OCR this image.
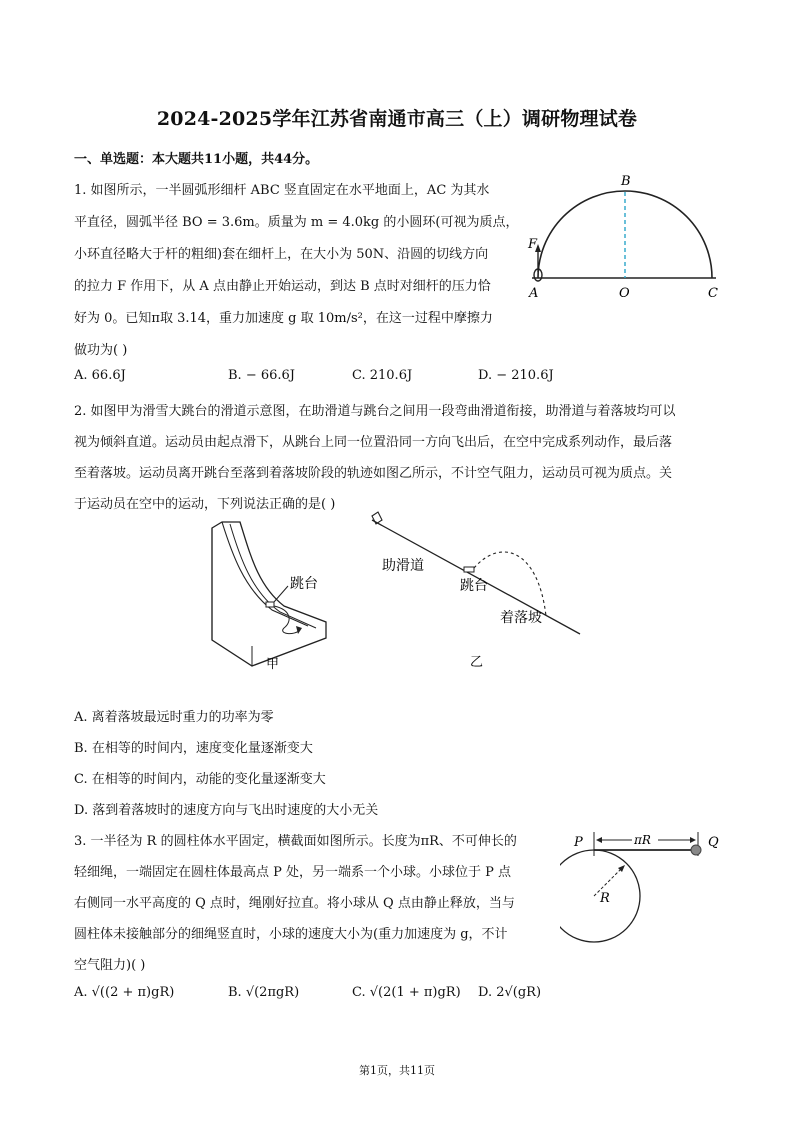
2024-2025学年江苏省南通市高三（上）调研物理试卷
一、单选题：本大题共11小题，共44分。
1. 如图所示，一半圆弧形细杆 ABC 竖直固定在水平地面上，AC 为其水
平直径，圆弧半径 BO = 3.6m。质量为 m = 4.0kg 的小圆环(可视为质点，
小环直径略大于杆的粗细)套在细杆上，在大小为 50N、沿圆的切线方向
的拉力 F 作用下，从 A 点由静止开始运动，到达 B 点时对细杆的压力恰
好为 0。已知π取 3.14，重力加速度 g 取 10m/s²，在这一过程中摩擦力
做功为( )
A. 66.6J	B. − 66.6J	C. 210.6J	D. − 210.6J
B
A	O	C
F
2. 如图甲为滑雪大跳台的滑道示意图，在助滑道与跳台之间用一段弯曲滑道衔接，助滑道与着落坡均可以
视为倾斜直道。运动员由起点滑下，从跳台上同一位置沿同一方向飞出后，在空中完成系列动作，最后落
至着落坡。运动员离开跳台至落到着落坡阶段的轨迹如图乙所示，不计空气阻力，运动员可视为质点。关
于运动员在空中的运动，下列说法正确的是( )
跳台
甲
助滑道
跳台
着落坡
乙
A. 离着落坡最远时重力的功率为零
B. 在相等的时间内，速度变化量逐渐变大
C. 在相等的时间内，动能的变化量逐渐变大
D. 落到着落坡时的速度方向与飞出时速度的大小无关
3. 一半径为 R 的圆柱体水平固定，横截面如图所示。长度为πR、不可伸长的
轻细绳，一端固定在圆柱体最高点 P 处，另一端系一个小球。小球位于 P 点
右侧同一水平高度的 Q 点时，绳刚好拉直。将小球从 Q 点由静止释放，当与
圆柱体未接触部分的细绳竖直时，小球的速度大小为(重力加速度为 g，不计
空气阻力)( )
A. √((2 + π)gR)	B. √(2πgR)	C. √(2(1 + π)gR) D. 2√(gR)
P	Q
πR
R
第1页，共11页
